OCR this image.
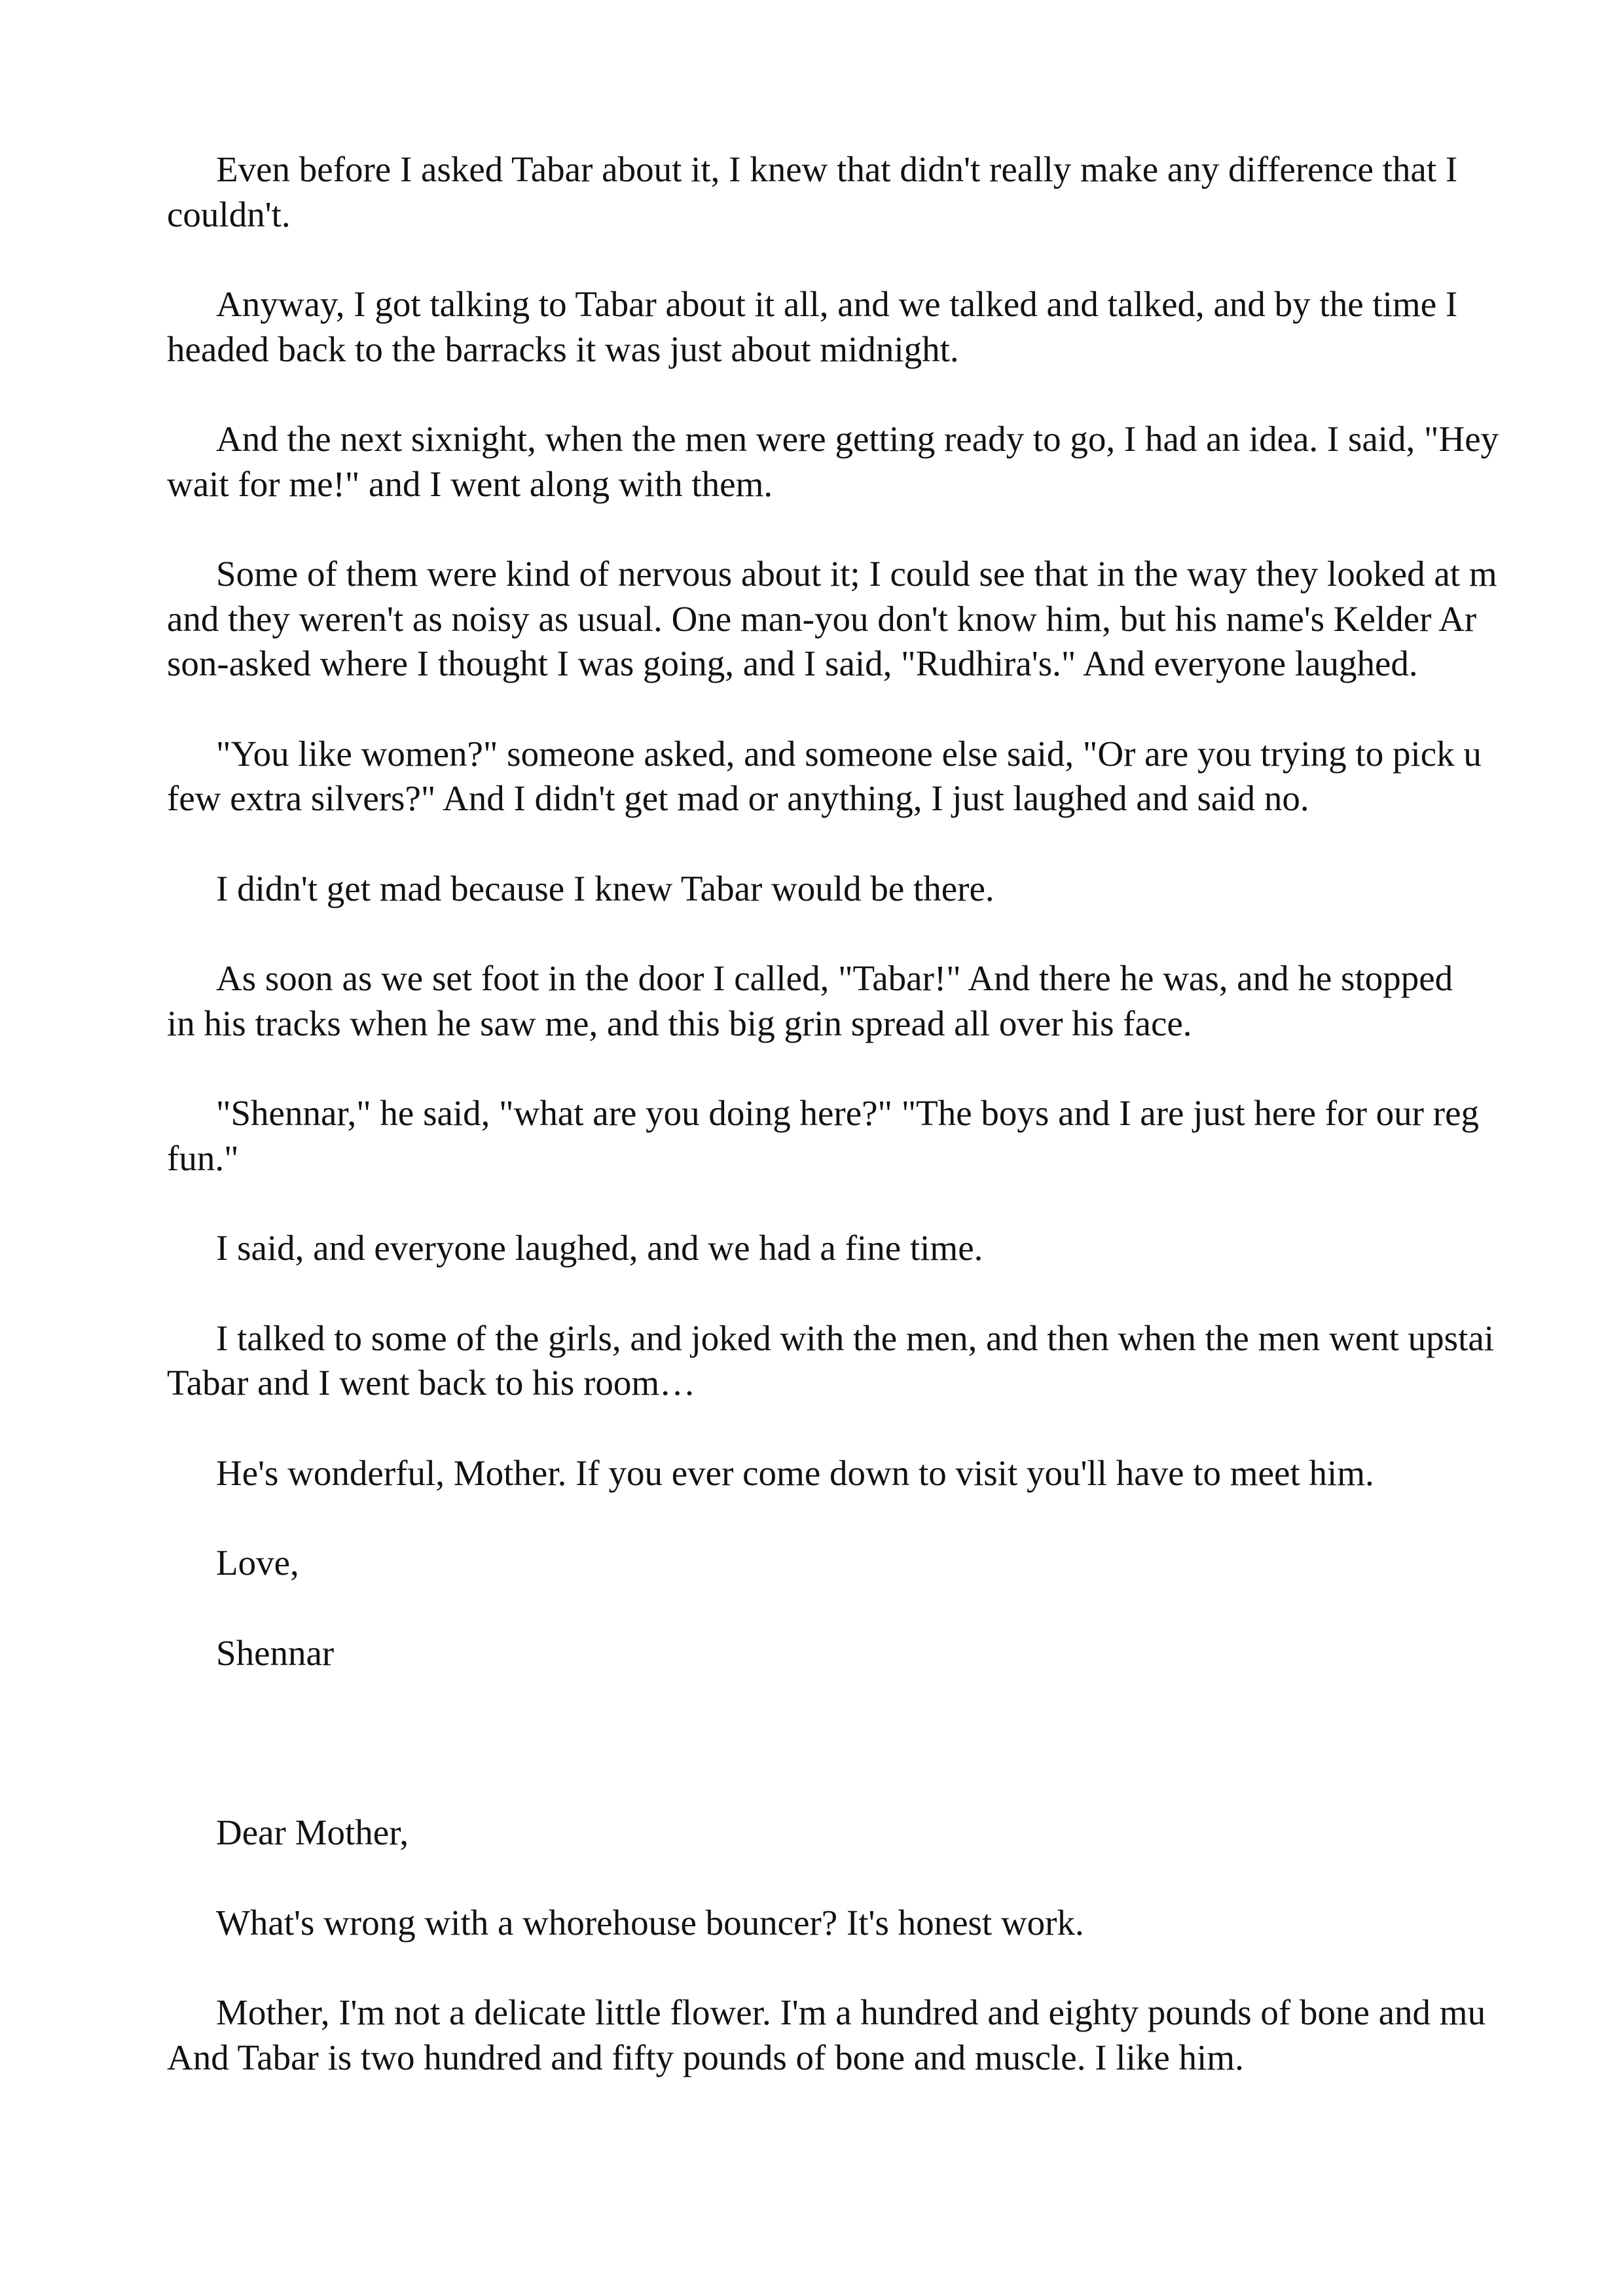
Even before I asked Tabar about it, I knew that didn't really make any difference that I
couldn't.

Anyway, I got talking to Tabar about it all, and we talked and talked, and by the time I
headed back to the barracks it was just about midnight.

And the next sixnight, when the men were getting ready to go, I had an idea. I said, "Hey
wait for me!" and I went along with them.

Some of them were kind of nervous about it; I could see that in the way they looked at m
and they weren't as noisy as usual. One man-you don't know him, but his name's Kelder Ar
son-asked where I thought I was going, and I said, "Rudhira's." And everyone laughed.

"You like women?" someone asked, and someone else said, "Or are you trying to pick u
few extra silvers?" And I didn't get mad or anything, I just laughed and said no.

I didn't get mad because I knew Tabar would be there.

As soon as we set foot in the door I called, "Tabar!" And there he was, and he stopped
in his tracks when he saw me, and this big grin spread all over his face.

"Shennar," he said, "what are you doing here?" "The boys and I are just here for our reg
fun."

I said, and everyone laughed, and we had a fine time.

I talked to some of the girls, and joked with the men, and then when the men went upstai
Tabar and I went back to his room…

He's wonderful, Mother. If you ever come down to visit you'll have to meet him.

Love,

Shennar

Dear Mother,

What's wrong with a whorehouse bouncer? It's honest work.

Mother, I'm not a delicate little flower. I'm a hundred and eighty pounds of bone and mu
And Tabar is two hundred and fifty pounds of bone and muscle. I like him.
